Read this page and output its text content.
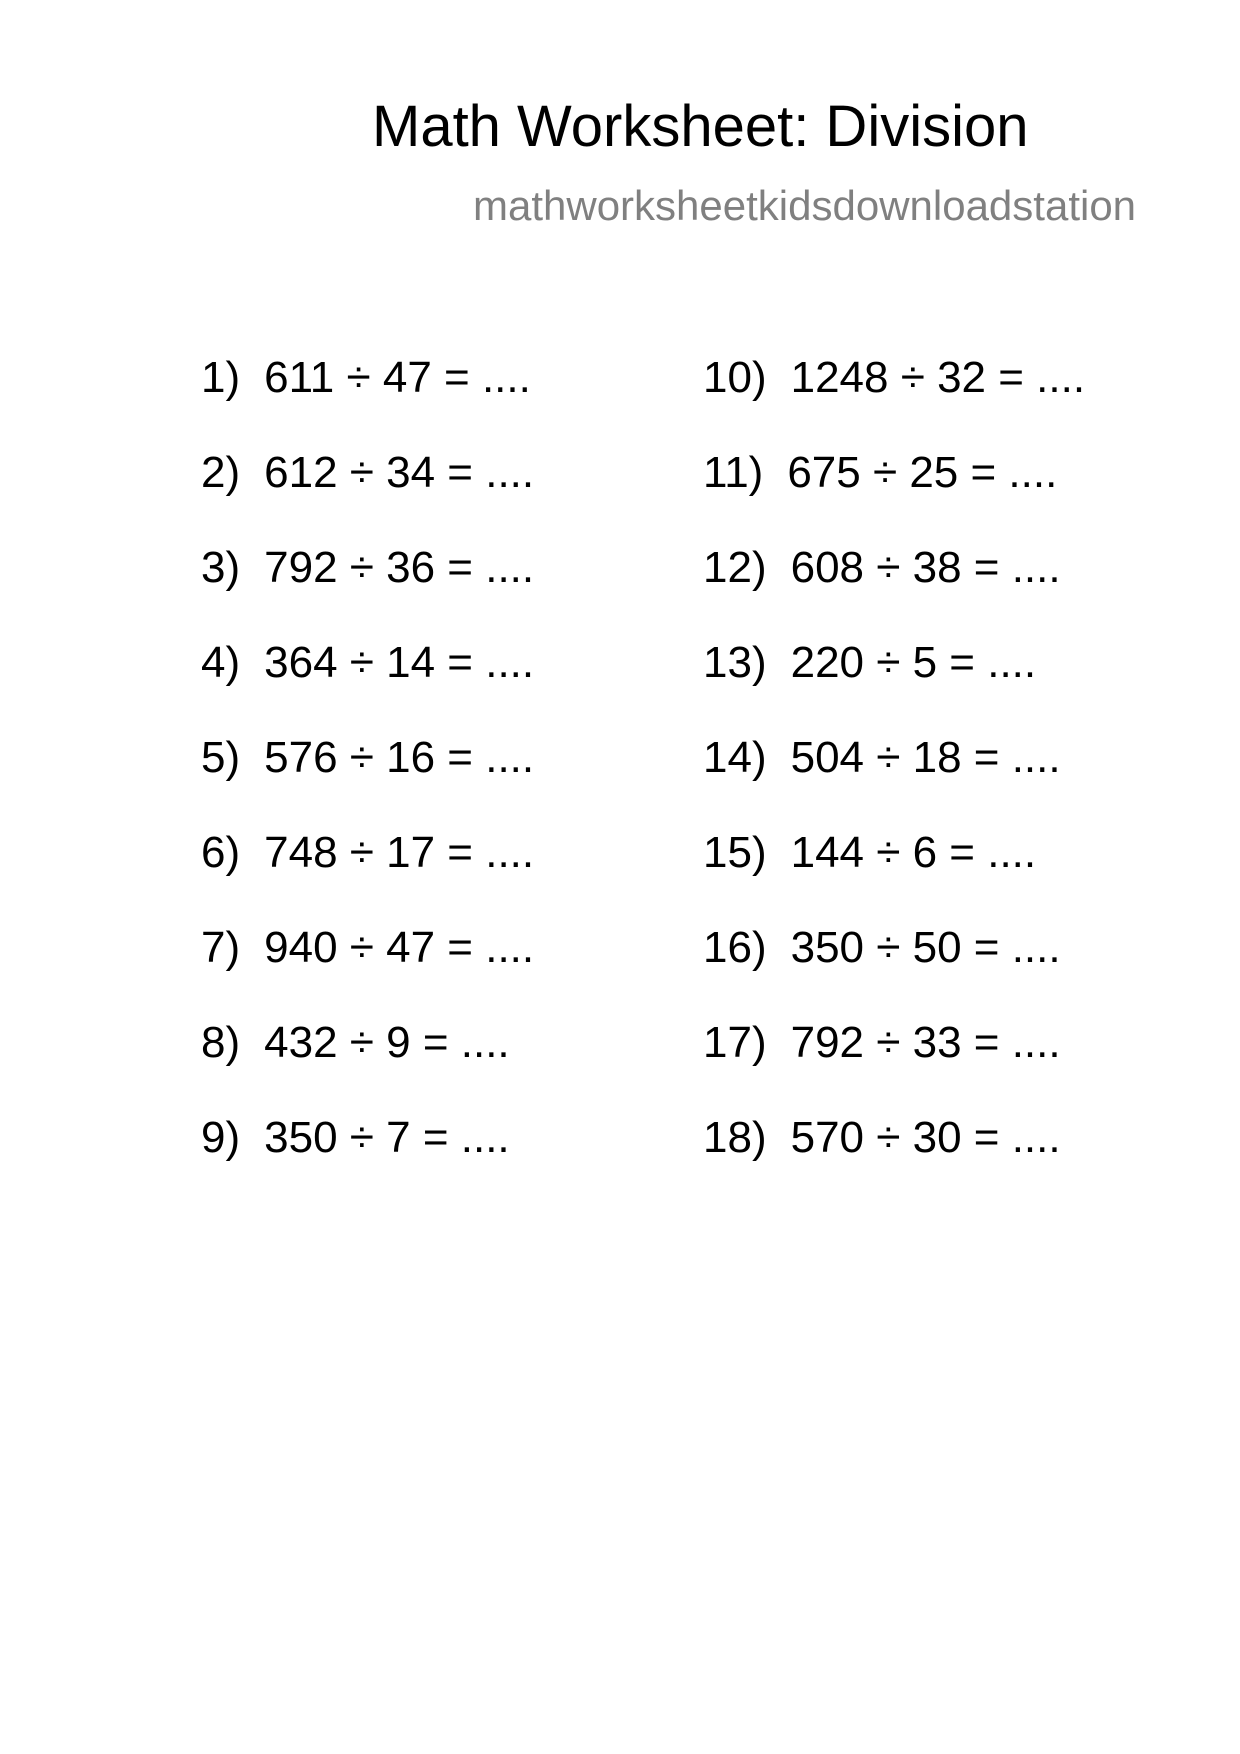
Math Worksheet: Division
mathworksheetkidsdownloadstation
1) 611 ÷ 47 = ....
2) 612 ÷ 34 = ....
3) 792 ÷ 36 = ....
4) 364 ÷ 14 = ....
5) 576 ÷ 16 = ....
6) 748 ÷ 17 = ....
7) 940 ÷ 47 = ....
8) 432 ÷ 9 = ....
9) 350 ÷ 7 = ....
10) 1248 ÷ 32 = ....
11) 675 ÷ 25 = ....
12) 608 ÷ 38 = ....
13) 220 ÷ 5 = ....
14) 504 ÷ 18 = ....
15) 144 ÷ 6 = ....
16) 350 ÷ 50 = ....
17) 792 ÷ 33 = ....
18) 570 ÷ 30 = ....
